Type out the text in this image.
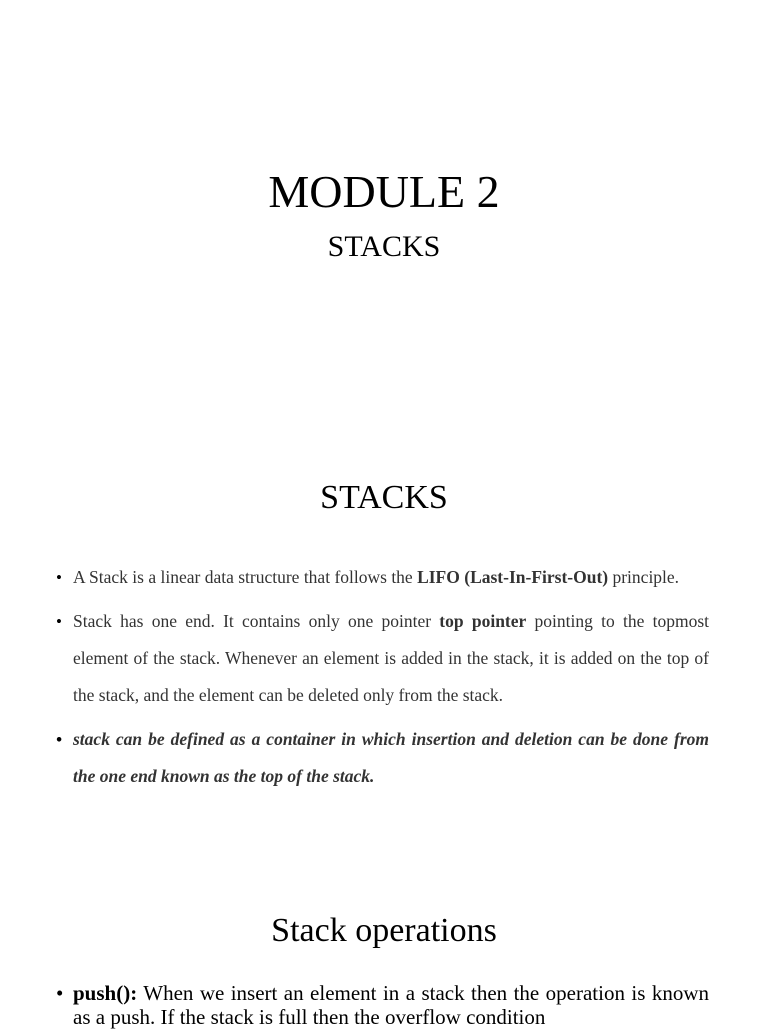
MODULE 2
STACKS
STACKS
• A Stack is a linear data structure that follows the LIFO (Last-In-First-Out) principle.
• Stack has one end. It contains only one pointer top pointer pointing to the topmost element of the stack. Whenever an element is added in the stack, it is added on the top of the stack, and the element can be deleted only from the stack.
• stack can be defined as a container in which insertion and deletion can be done from the one end known as the top of the stack.
Stack operations
• push(): When we insert an element in a stack then the operation is known as a push. If the stack is full then the overflow condition
